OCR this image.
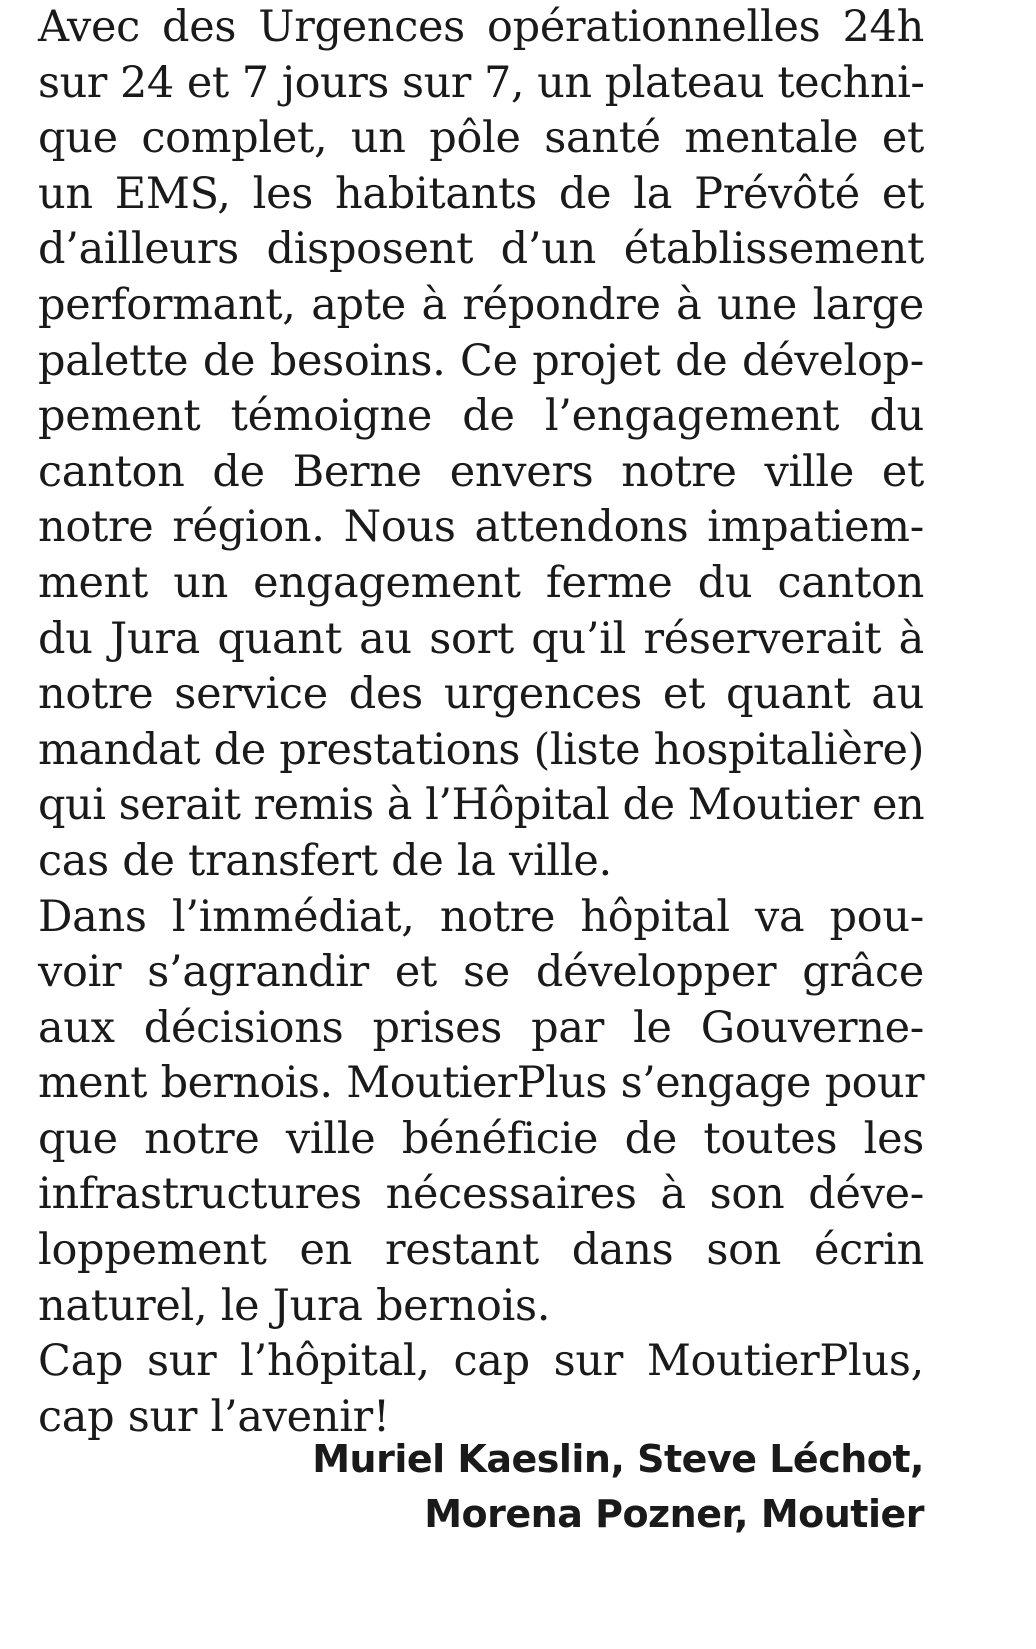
Avec des Urgences opérationnelles 24h
sur 24 et 7 jours sur 7, un plateau techni-
que complet, un pôle santé mentale et
un EMS, les habitants de la Prévôté et
d’ailleurs disposent d’un établissement
performant, apte à répondre à une large
palette de besoins. Ce projet de dévelop-
pement témoigne de l’engagement du
canton de Berne envers notre ville et
notre région. Nous attendons impatiem-
ment un engagement ferme du canton
du Jura quant au sort qu’il réserverait à
notre service des urgences et quant au
mandat de prestations (liste hospitalière)
qui serait remis à l’Hôpital de Moutier en
cas de transfert de la ville.
Dans l’immédiat, notre hôpital va pou-
voir s’agrandir et se développer grâce
aux décisions prises par le Gouverne-
ment bernois. MoutierPlus s’engage pour
que notre ville bénéficie de toutes les
infrastructures nécessaires à son déve-
loppement en restant dans son écrin
naturel, le Jura bernois.
Cap sur l’hôpital, cap sur MoutierPlus,
cap sur l’avenir!
Muriel Kaeslin, Steve Léchot,
Morena Pozner, Moutier
